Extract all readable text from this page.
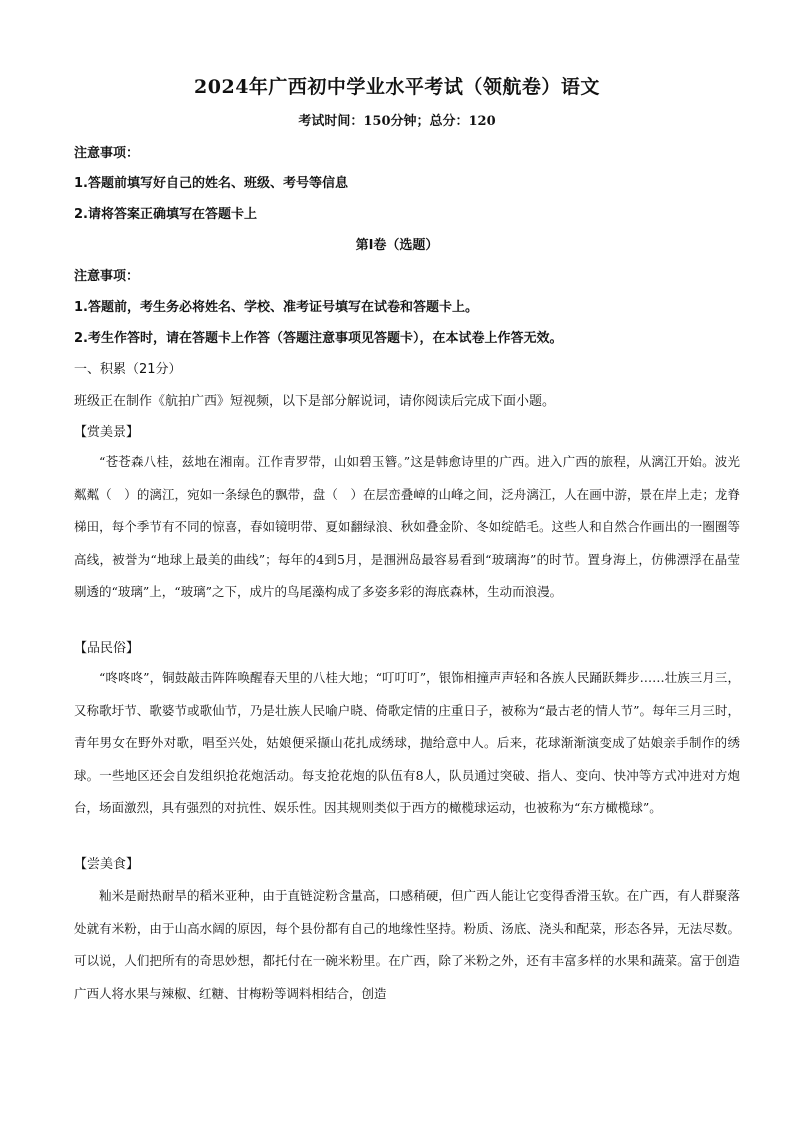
2024年广西初中学业水平考试（领航卷）语文
考试时间：150分钟；总分：120
注意事项：
1.答题前填写好自己的姓名、班级、考号等信息
2.请将答案正确填写在答题卡上
第I卷（选题）
注意事项：
1.答题前，考生务必将姓名、学校、准考证号填写在试卷和答题卡上。
2.考生作答时，请在答题卡上作答（答题注意事项见答题卡），在本试卷上作答无效。
一、积累（21分）
班级正在制作《航拍广西》短视频，以下是部分解说词，请你阅读后完成下面小题。
【赏美景】

“苍苍森八桂，兹地在湘南。江作青罗带，山如碧玉簪。”这是韩愈诗里的广西。进入广西的旅程，从漓江开始。波光粼粼（　）的漓江，宛如一条绿色的飘带，盘（　）在层峦叠嶂的山峰之间，泛舟漓江，人在画中游，景在岸上走；龙脊梯田，每个季节有不同的惊喜，春如镜明带、夏如翻绿浪、秋如叠金阶、冬如绽皓毛。这些人和自然合作画出的一圈圈等高线，被誉为“地球上最美的曲线”；每年的4到5月，是涠洲岛最容易看到“玻璃海”的时节。置身海上，仿佛漂浮在晶莹剔透的“玻璃”上，“玻璃”之下，成片的鸟尾藻构成了多姿多彩的海底森林，生动而浪漫。

【品民俗】

“咚咚咚”，铜鼓敲击阵阵唤醒春天里的八桂大地；“叮叮叮”，银饰相撞声声轻和各族人民踊跃舞步……壮族三月三，又称歌圩节、歌婆节或歌仙节，乃是壮族人民喻户晓、倚歌定情的庄重日子，被称为“最古老的情人节”。每年三月三时，青年男女在野外对歌，唱至兴处，姑娘便采撷山花扎成绣球，抛给意中人。后来，花球渐渐演变成了姑娘亲手制作的绣球。一些地区还会自发组织抢花炮活动。每支抢花炮的队伍有8人，队员通过突破、指人、变向、快冲等方式冲进对方炮台，场面激烈，具有强烈的对抗性、娱乐性。因其规则类似于西方的橄榄球运动，也被称为“东方橄榄球”。

【尝美食】

籼米是耐热耐旱的稻米亚种，由于直链淀粉含量高，口感稍硬，但广西人能让它变得香滑玉软。在广西，有人群聚落处就有米粉，由于山高水阔的原因，每个县份都有自己的地缘性坚持。粉质、汤底、浇头和配菜，形态各异，无法尽数。可以说，人们把所有的奇思妙想，都托付在一碗米粉里。在广西，除了米粉之外，还有丰富多样的水果和蔬菜。富于创造广西人将水果与辣椒、红糖、甘梅粉等调料相结合，创造
